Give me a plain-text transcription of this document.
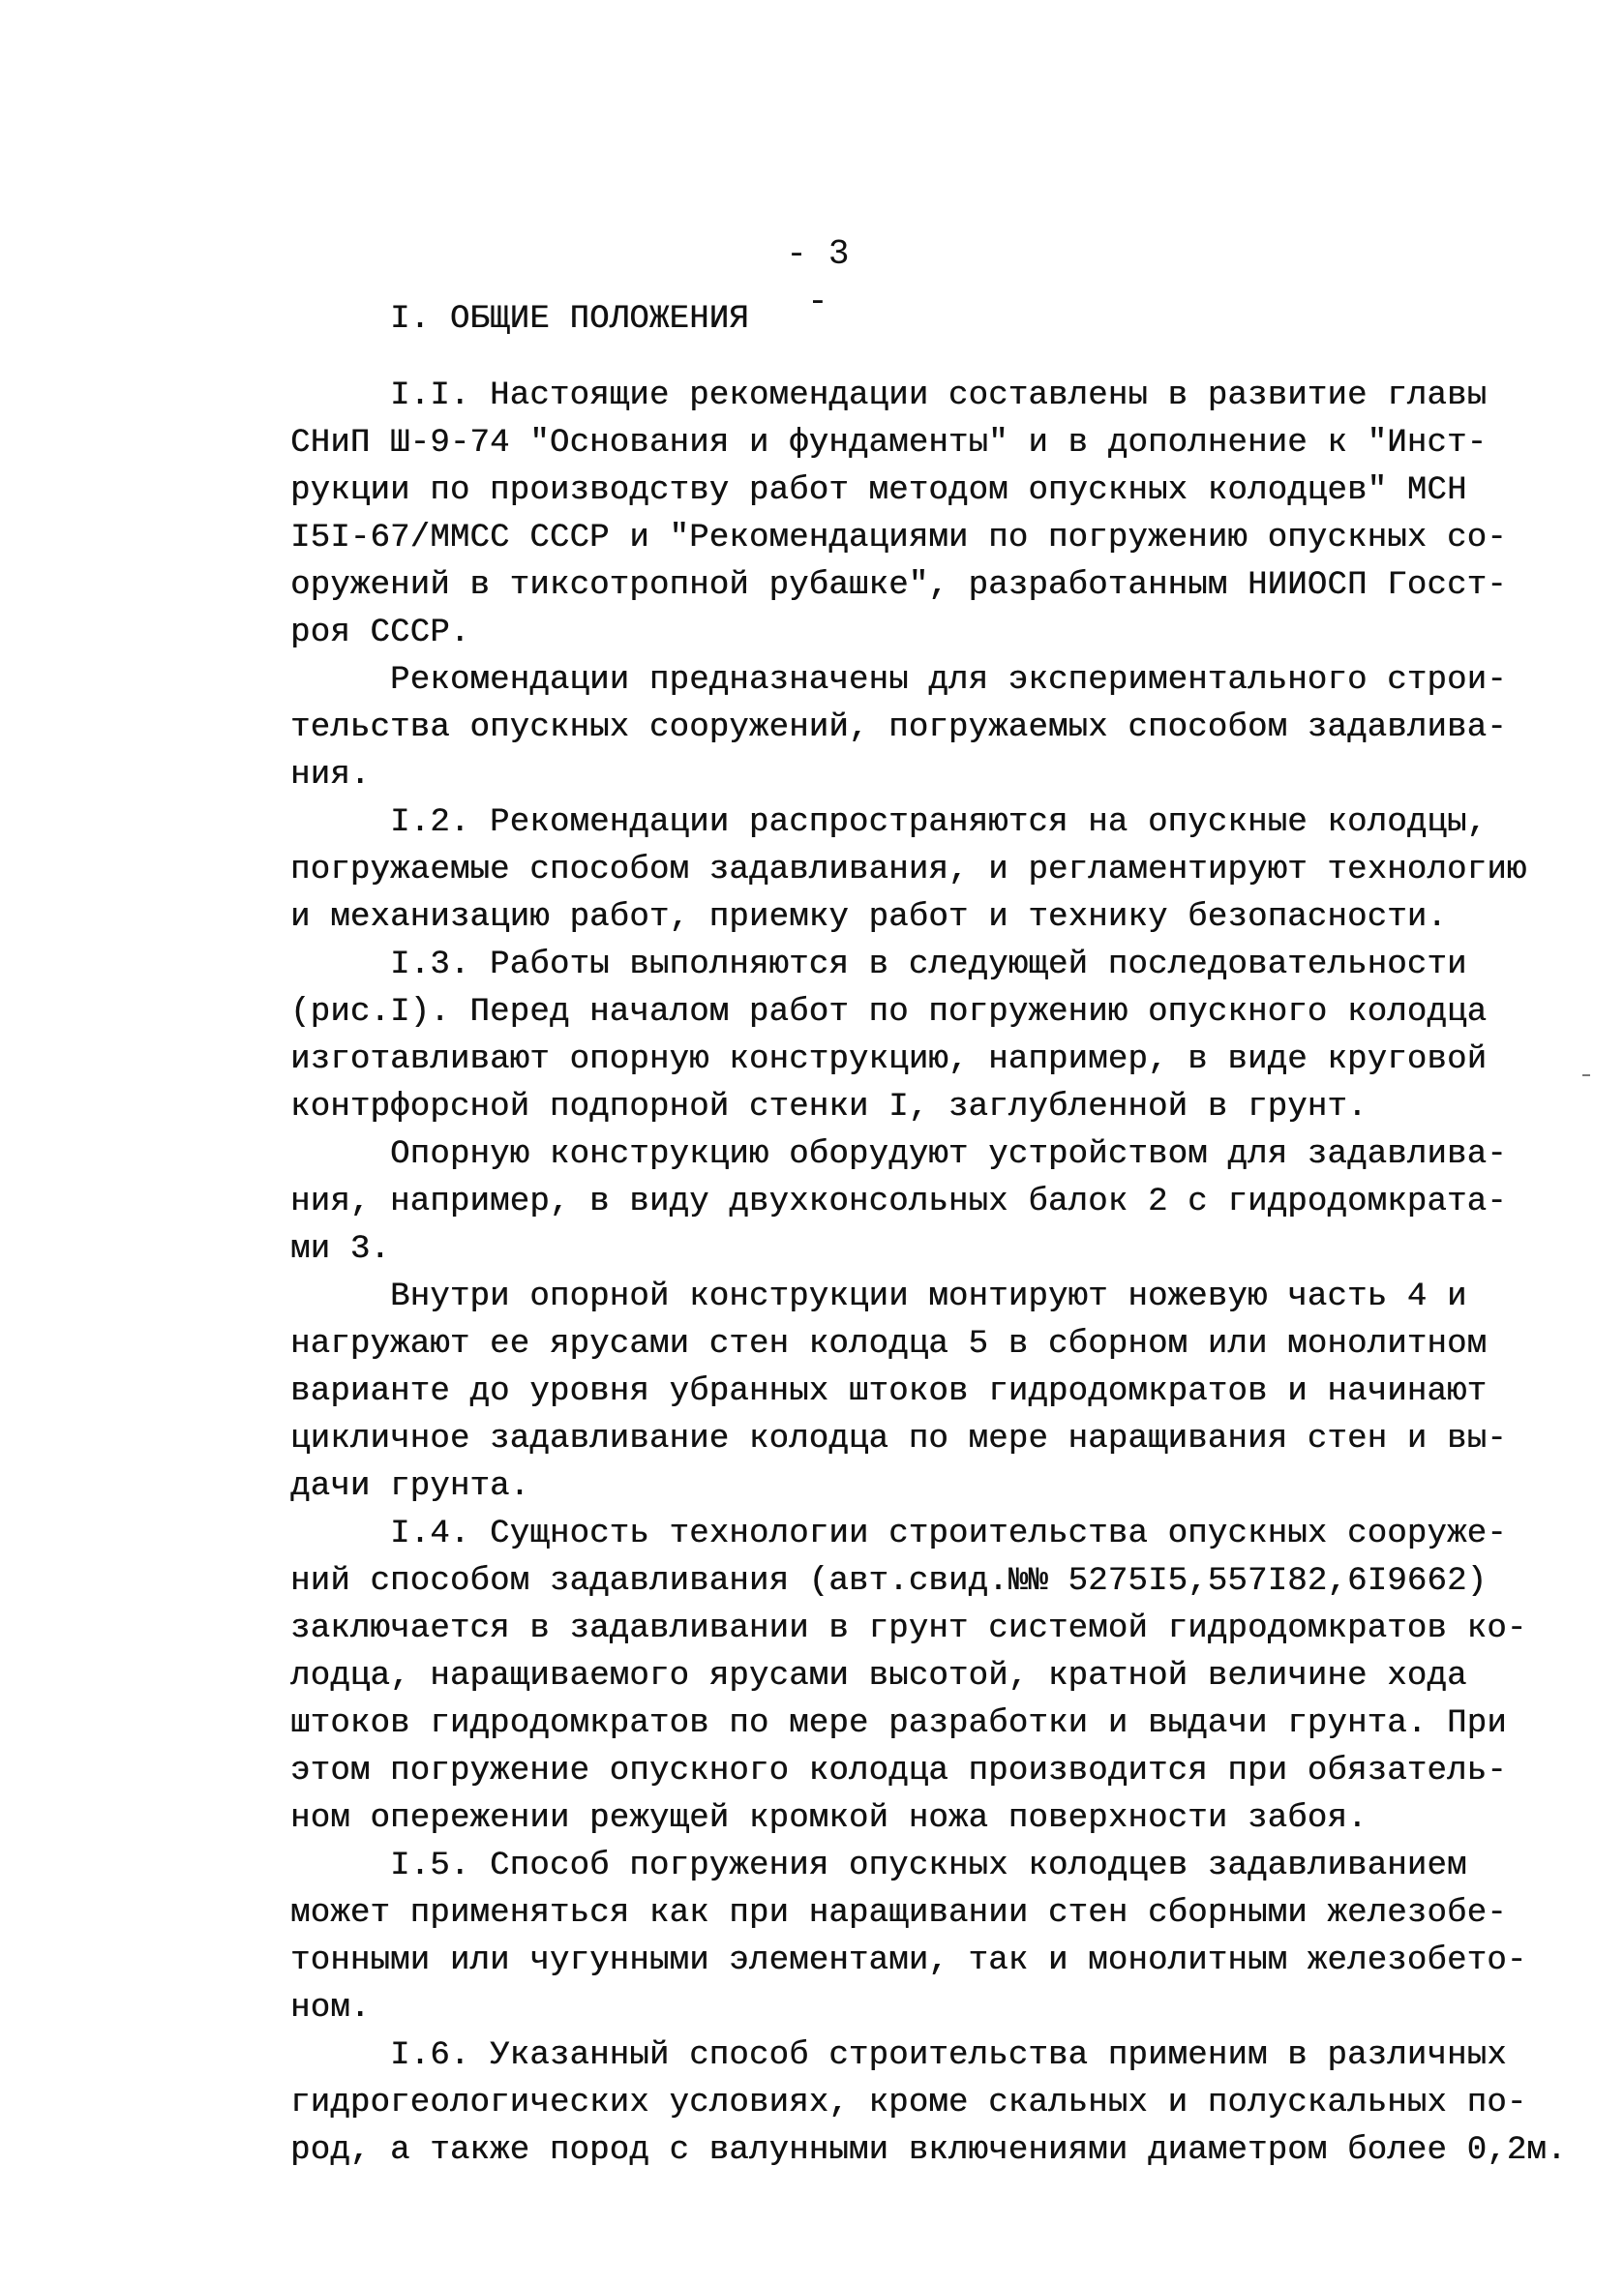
- 3 -
I. ОБЩИЕ ПОЛОЖЕНИЯ
I.I. Настоящие рекомендации составлены в развитие главы
СНиП Ш-9-74 "Основания и фундаменты" и в дополнение к "Инст-
рукции по производству работ методом опускных колодцев" МСН
I5I-67/ММСС СССР и "Рекомендациями по погружению опускных со-
оружений в тиксотропной рубашке", разработанным НИИОСП Госст-
роя СССР.
Рекомендации предназначены для экспериментального строи-
тельства опускных сооружений, погружаемых способом задавлива-
ния.
I.2. Рекомендации распространяются на опускные колодцы,
погружаемые способом задавливания, и регламентируют технологию
и механизацию работ, приемку работ и технику безопасности.
I.3. Работы выполняются в следующей последовательности
(рис.I). Перед началом работ по погружению опускного колодца
изготавливают опорную конструкцию, например, в виде круговой
контрфорсной подпорной стенки I, заглубленной в грунт.
Опорную конструкцию оборудуют устройством для задавлива-
ния, например, в виду двухконсольных балок 2 с гидродомкрата-
ми 3.
Внутри опорной конструкции монтируют ножевую часть 4 и
нагружают ее ярусами стен колодца 5 в сборном или монолитном
варианте до уровня убранных штоков гидродомкратов и начинают
цикличное задавливание колодца по мере наращивания стен и вы-
дачи грунта.
I.4. Сущность технологии строительства опускных сооруже-
ний способом задавливания (авт.свид.№№ 5275I5,557I82,6I9662)
заключается в задавливании в грунт системой гидродомкратов ко-
лодца, наращиваемого ярусами высотой, кратной величине хода
штоков гидродомкратов по мере разработки и выдачи грунта. При
этом погружение опускного колодца производится при обязатель-
ном опережении режущей кромкой ножа поверхности забоя.
I.5. Способ погружения опускных колодцев задавливанием
может применяться как при наращивании стен сборными железобе-
тонными или чугунными элементами, так и монолитным железобето-
ном.
I.6. Указанный способ строительства применим в различных
гидрогеологических условиях, кроме скальных и полускальных по-
род, а также пород с валунными включениями диаметром более 0,2м.
